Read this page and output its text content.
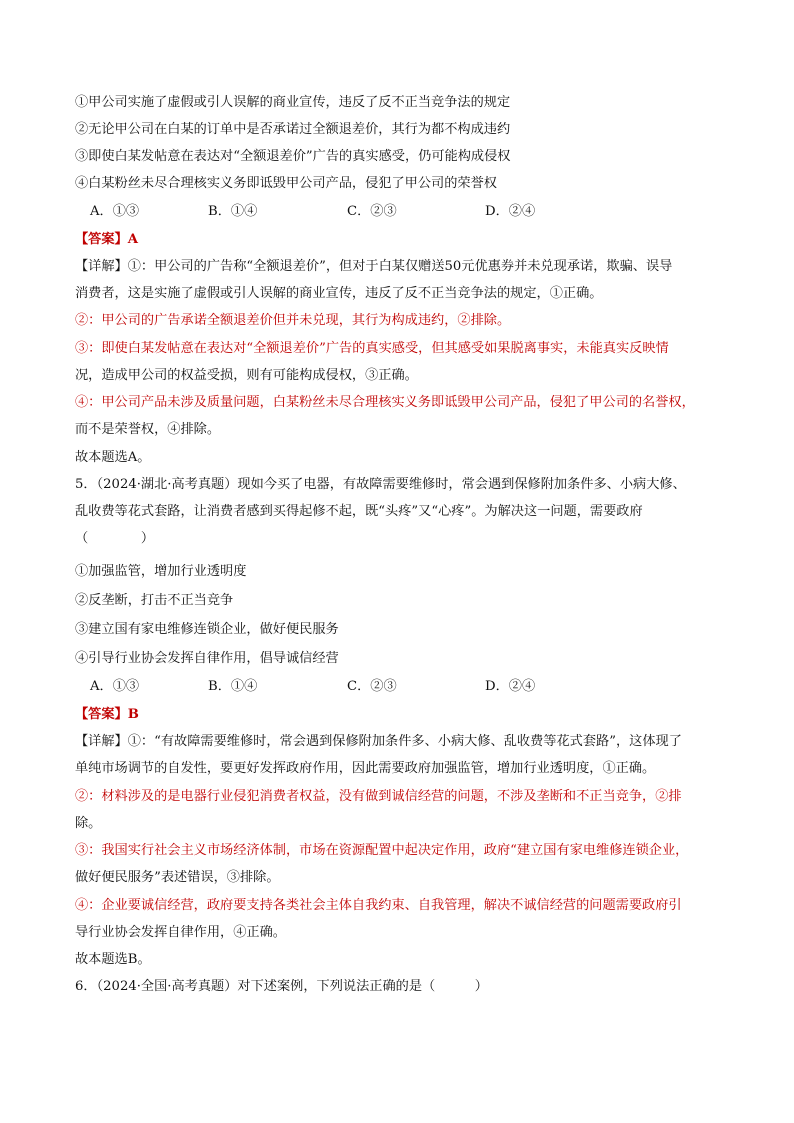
①甲公司实施了虚假或引人误解的商业宣传，违反了反不正当竞争法的规定
②无论甲公司在白某的订单中是否承诺过全额退差价，其行为都不构成违约
③即使白某发帖意在表达对“全额退差价”广告的真实感受，仍可能构成侵权
④白某粉丝未尽合理核实义务即诋毁甲公司产品，侵犯了甲公司的荣誉权
A．①③	B．①④	C．②③	D．②④
【答案】A
【详解】①：甲公司的广告称“全额退差价”，但对于白某仅赠送50元优惠券并未兑现承诺，欺骗、误导
消费者，这是实施了虚假或引人误解的商业宣传，违反了反不正当竞争法的规定，①正确。
②：甲公司的广告承诺全额退差价但并未兑现，其行为构成违约，②排除。
③：即使白某发帖意在表达对“全额退差价”广告的真实感受，但其感受如果脱离事实，未能真实反映情
况，造成甲公司的权益受损，则有可能构成侵权，③正确。
④：甲公司产品未涉及质量问题，白某粉丝未尽合理核实义务即诋毁甲公司产品，侵犯了甲公司的名誉权，
而不是荣誉权，④排除。
故本题选A。
5．（2024·湖北·高考真题）现如今买了电器，有故障需要维修时，常会遇到保修附加条件多、小病大修、
乱收费等花式套路，让消费者感到买得起修不起，既“头疼”又“心疼”。为解决这一问题，需要政府
（　　　　）
①加强监管，增加行业透明度
②反垄断，打击不正当竞争
③建立国有家电维修连锁企业，做好便民服务
④引导行业协会发挥自律作用，倡导诚信经营
A．①③	B．①④	C．②③	D．②④
【答案】B
【详解】①：“有故障需要维修时，常会遇到保修附加条件多、小病大修、乱收费等花式套路”，这体现了
单纯市场调节的自发性，要更好发挥政府作用，因此需要政府加强监管，增加行业透明度，①正确。
②：材料涉及的是电器行业侵犯消费者权益，没有做到诚信经营的问题，不涉及垄断和不正当竞争，②排
除。
③：我国实行社会主义市场经济体制，市场在资源配置中起决定作用，政府“建立国有家电维修连锁企业，
做好便民服务”表述错误，③排除。
④：企业要诚信经营，政府要支持各类社会主体自我约束、自我管理，解决不诚信经营的问题需要政府引
导行业协会发挥自律作用，④正确。
故本题选B。
6．（2024·全国·高考真题）对下述案例，下列说法正确的是（　　　）
